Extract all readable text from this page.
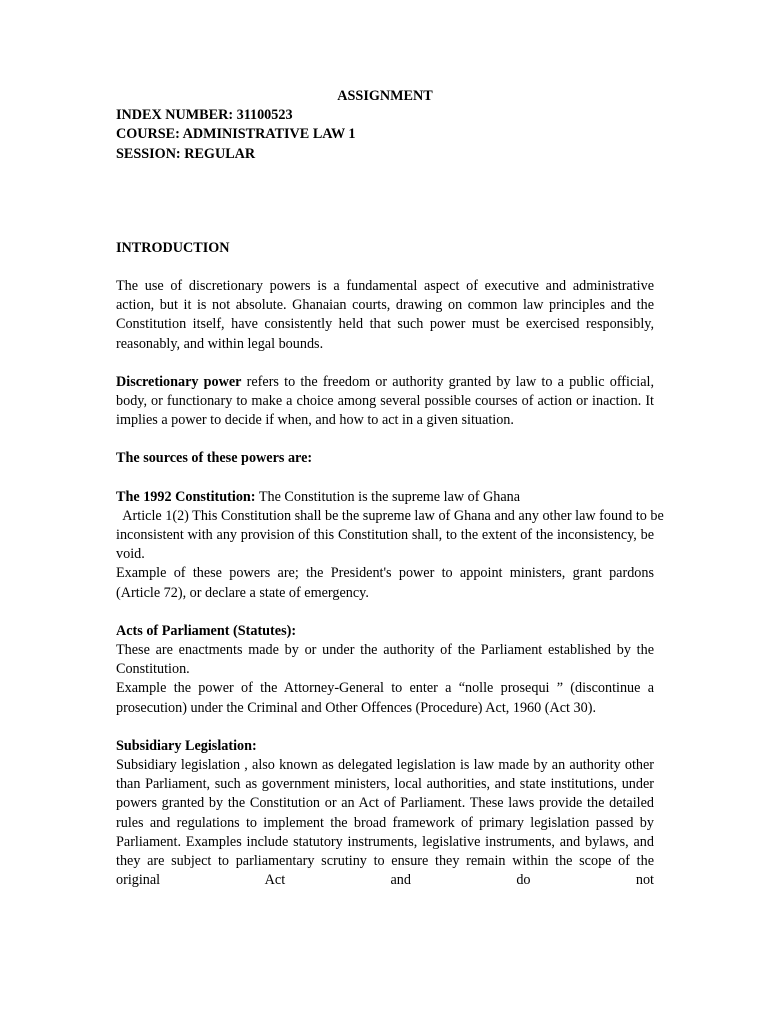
ASSIGNMENT

INDEX NUMBER: 31100523

COURSE: ADMINISTRATIVE LAW 1

SESSION: REGULAR

INTRODUCTION

The use of discretionary powers is a fundamental aspect of executive and administrative action, but it is not absolute. Ghanaian courts, drawing on common law principles and the Constitution itself, have consistently held that such power must be exercised responsibly, reasonably, and within legal bounds.

Discretionary power refers to the freedom or authority granted by law to a public official, body, or functionary to make a choice among several possible courses of action or inaction. It implies a power to decide if when, and how to act in a given situation.

The sources of these powers are:

The 1992 Constitution: The Constitution is the supreme law of Ghana

Article 1(2) This Constitution shall be the supreme law of Ghana and any other law found to be

inconsistent with any provision of this Constitution shall, to the extent of the inconsistency, be void.

Example of these powers are; the President's power to appoint ministers, grant pardons (Article 72), or declare a state of emergency.

Acts of Parliament (Statutes):

These are enactments made by or under the authority of the Parliament established by the Constitution.

Example the power of the Attorney-General to enter a “nolle prosequi ” (discontinue a prosecution) under the Criminal and Other Offences (Procedure) Act, 1960 (Act 30).

Subsidiary Legislation:

Subsidiary legislation , also known as delegated legislation is law made by an authority other than Parliament, such as government ministers, local authorities, and state institutions, under powers granted by the Constitution or an Act of Parliament. These laws provide the detailed rules and regulations to implement the broad framework of primary legislation passed by Parliament. Examples include statutory instruments, legislative instruments, and bylaws, and they are subject to parliamentary scrutiny to ensure they remain within the scope of the original Act and do not
